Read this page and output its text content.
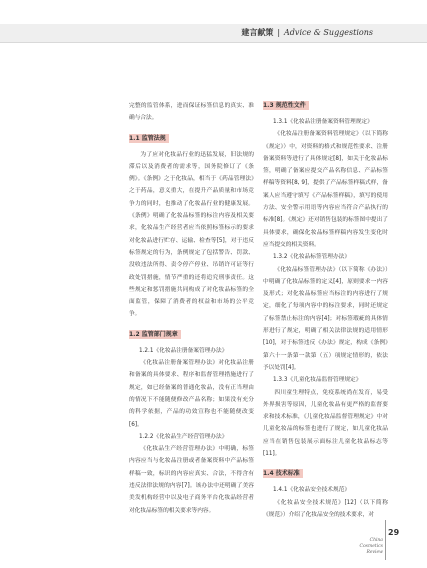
建言献策 | Advice & Suggestions

完整的监管体系，进而保证标签信息的真实、准确与合法。

1.1 监管法规

为了应对化妆品行业的迅猛发展，旧法规的滞后以及消费者的需求等，国务院修订了《条例》。《条例》之于化妆品，相当于《药品管理法》之于药品，意义重大，在提升产品质量和市场竞争力的同时，也推动了化妆品行业的健康发展。《条例》明确了化妆品标签的标注内容及相关要求，化妆品生产经营者应当依照标签标示的要求对化妆品进行贮存、运输、检查等[5]，对于违反标签规定的行为，条例规定了包括警告、罚款、没收违法所得、责令停产停业、吊销许可证等行政处罚措施，情节严重的还将追究刑事责任。这些规定和惩罚措施共同构成了对化妆品标签的全面监管，保障了消费者的权益和市场的公平竞争。

1.2 监管部门规章

1.2.1《化妆品注册备案管理办法》

《化妆品注册备案管理办法》对化妆品注册和备案的具体要求、程序和监督管理措施进行了规定，如已经备案的普通化妆品，没有正当理由的情况下不能随便修改产品名称；如果没有充分的科学依据，产品的功效宣称也不能随便改变[6]。

1.2.2《化妆品生产经营管理办法》

《化妆品生产经营管理办法》中明确，标签内容应当与化妆品注册或者备案资料中产品标签样稿一致，标识的内容应真实、合法，不得含有违反法律法规的内容[7]。该办法中还明确了美容美发机构经营中以及电子商务平台化妆品经营者对化妆品标签的相关要求等内容。

1.3 规范性文件

1.3.1《化妆品注册备案资料管理规定》

《化妆品注册备案资料管理规定》（以下简称《规定》）中，对资料的格式和规范性要求、注册备案资料等进行了具体规定[8]，如关于化妆品标签，明确了备案应提交产品名称信息、产品标签样稿等资料[8, 9]，提供了产品标签样稿式样，备案人应当遵守填写《产品标签样稿》，填写的使用方法、安全警示用语等内容应当符合产品执行的标准[8]。《规定》还对销售包装的标签图中提出了具体要求，确保化妆品标签样稿内容发生变化时应当提交的相关资料。

1.3.2《化妆品标签管理办法》

《化妆品标签管理办法》（以下简称《办法》）中明确了化妆品标签的定义[4]，原则要求一内容及形式；对化妆品标签应当标注的内容进行了规定，细化了每项内容中的标注要求，同时还规定了标签禁止标注的内容[4]；对标签瑕疵的具体情形进行了规定，明确了相关法律法规的适用情形[10]，对于标签违反《办法》规定，构成《条例》第六十一条第一款第（五）项规定情形的，依法予以处罚[4]。

1.3.3《儿童化妆品监督管理规定》

四川童生理特点，免疫系统尚在发育，易受外界损害等原因，儿童化妆品有更严格的监督要求和技术标准，《儿童化妆品监督管理规定》中对儿童化妆品的标签也进行了规定，如儿童化妆品应当在销售包装展示面标注儿童化妆品标志等[11]。

1.4 技术标准

1.4.1《化妆品安全技术规范》

《化妆品安全技术规范》[12]（以下简称《规范》）介绍了化妆品安全的技术要求，对

China
Cosmetics
Review
29
